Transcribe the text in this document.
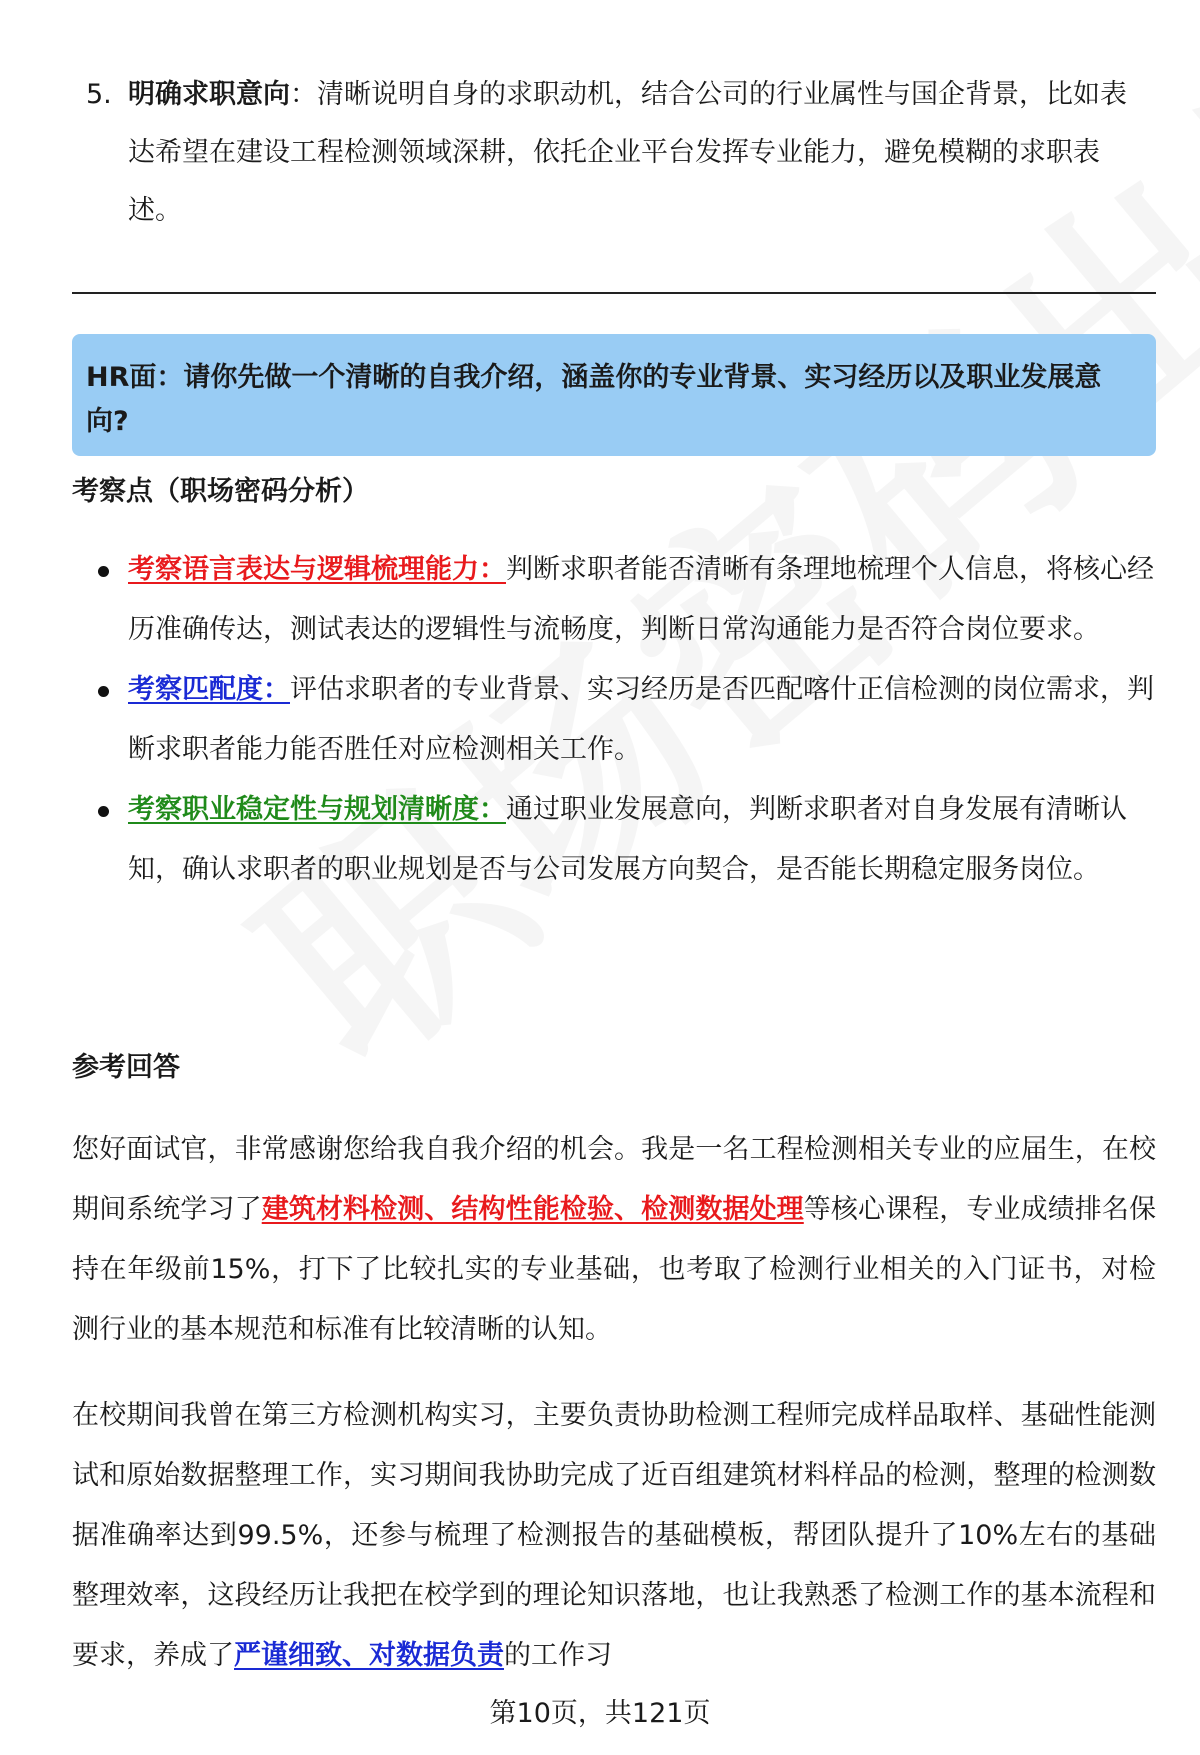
5. 明确求职意向：清晰说明自身的求职动机，结合公司的行业属性与国企背景，比如表达希望在建设工程检测领域深耕，依托企业平台发挥专业能力，避免模糊的求职表述。
HR面：请你先做一个清晰的自我介绍，涵盖你的专业背景、实习经历以及职业发展意向?
考察点（职场密码分析）
考察语言表达与逻辑梳理能力：判断求职者能否清晰有条理地梳理个人信息，将核心经历准确传达，测试表达的逻辑性与流畅度，判断日常沟通能力是否符合岗位要求。
考察匹配度：评估求职者的专业背景、实习经历是否匹配喀什正信检测的岗位需求，判断求职者能力能否胜任对应检测相关工作。
考察职业稳定性与规划清晰度：通过职业发展意向，判断求职者对自身发展有清晰认知，确认求职者的职业规划是否与公司发展方向契合，是否能长期稳定服务岗位。
参考回答

您好面试官，非常感谢您给我自我介绍的机会。我是一名工程检测相关专业的应届生，在校期间系统学习了建筑材料检测、结构性能检验、检测数据处理等核心课程，专业成绩排名保持在年级前15%，打下了比较扎实的专业基础，也考取了检测行业相关的入门证书，对检测行业的基本规范和标准有比较清晰的认知。

在校期间我曾在第三方检测机构实习，主要负责协助检测工程师完成样品取样、基础性能测试和原始数据整理工作，实习期间我协助完成了近百组建筑材料样品的检测，整理的检测数据准确率达到99.5%，还参与梳理了检测报告的基础模板，帮团队提升了10%左右的基础整理效率，这段经历让我把在校学到的理论知识落地，也让我熟悉了检测工作的基本流程和要求，养成了严谨细致、对数据负责的工作习

第10页，共121页
